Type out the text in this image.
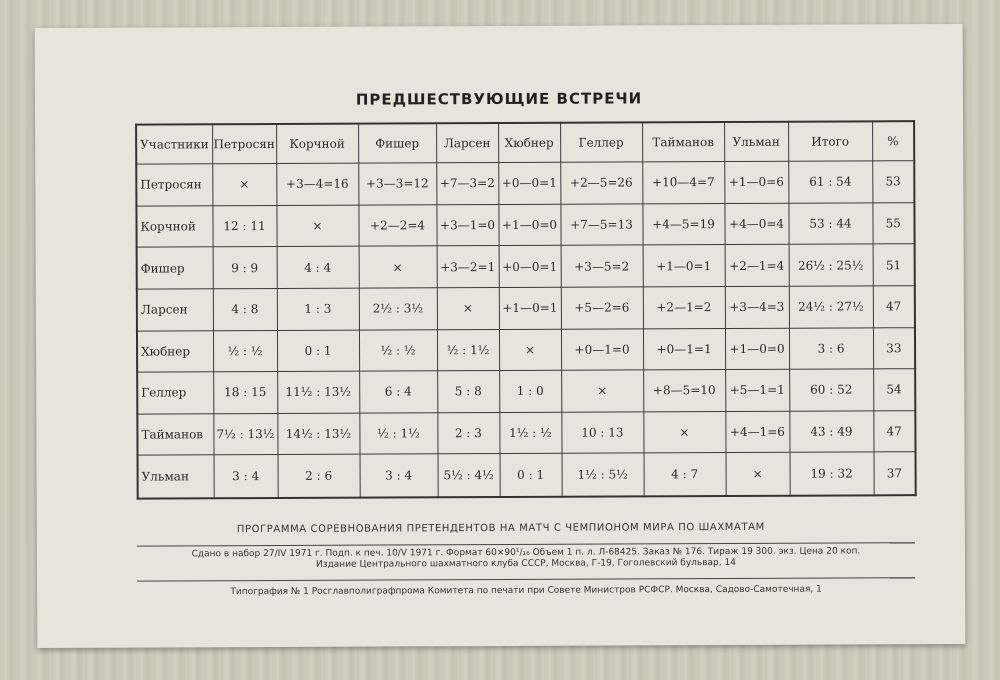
ПРЕДШЕСТВУЮЩИЕ ВСТРЕЧИ
Участники	Петросян	Корчной	Фишер	Ларсен	Хюбнер	Геллер	Тайманов	Ульман	Итого	%
Петросян	×	+3—4=16	+3—3=12	+7—3=2	+0—0=1	+2—5=26	+10—4=7	+1—0=6	61 : 54	53
Корчной	12 : 11	×	+2—2=4	+3—1=0	+1—0=0	+7—5=13	+4—5=19	+4—0=4	53 : 44	55
Фишер	9 : 9	4 : 4	×	+3—2=1	+0—0=1	+3—5=2	+1—0=1	+2—1=4	26½ : 25½	51
Ларсен	4 : 8	1 : 3	2½ : 3½	×	+1—0=1	+5—2=6	+2—1=2	+3—4=3	24½ : 27½	47
Хюбнер	½ : ½	0 : 1	½ : ½	½ : 1½	×	+0—1=0	+0—1=1	+1—0=0	3 : 6	33
Геллер	18 : 15	11½ : 13½	6 : 4	5 : 8	1 : 0	×	+8—5=10	+5—1=1	60 : 52	54
Тайманов	7½ : 13½	14½ : 13½	½ : 1½	2 : 3	1½ : ½	10 : 13	×	+4—1=6	43 : 49	47
Ульман	3 : 4	2 : 6	3 : 4	5½ : 4½	0 : 1	1½ : 5½	4 : 7	×	19 : 32	37
ПРОГРАММА СОРЕВНОВАНИЯ ПРЕТЕНДЕНТОВ НА МАТЧ С ЧЕМПИОНОМ МИРА ПО ШАХМАТАМ
Сдано в набор 27/IV 1971 г. Подп. к печ. 10/V 1971 г. Формат 60×90¹/₁₆ Объем 1 п. л. Л-68425. Заказ № 176. Тираж 19 300. экз. Цена 20 коп.
Издание Центрального шахматного клуба СССР, Москва, Г-19, Гоголевский бульвар, 14
Типография № 1 Росглавполиграфпрома Комитета по печати при Совете Министров РСФСР. Москва, Садово-Самотечная, 1
